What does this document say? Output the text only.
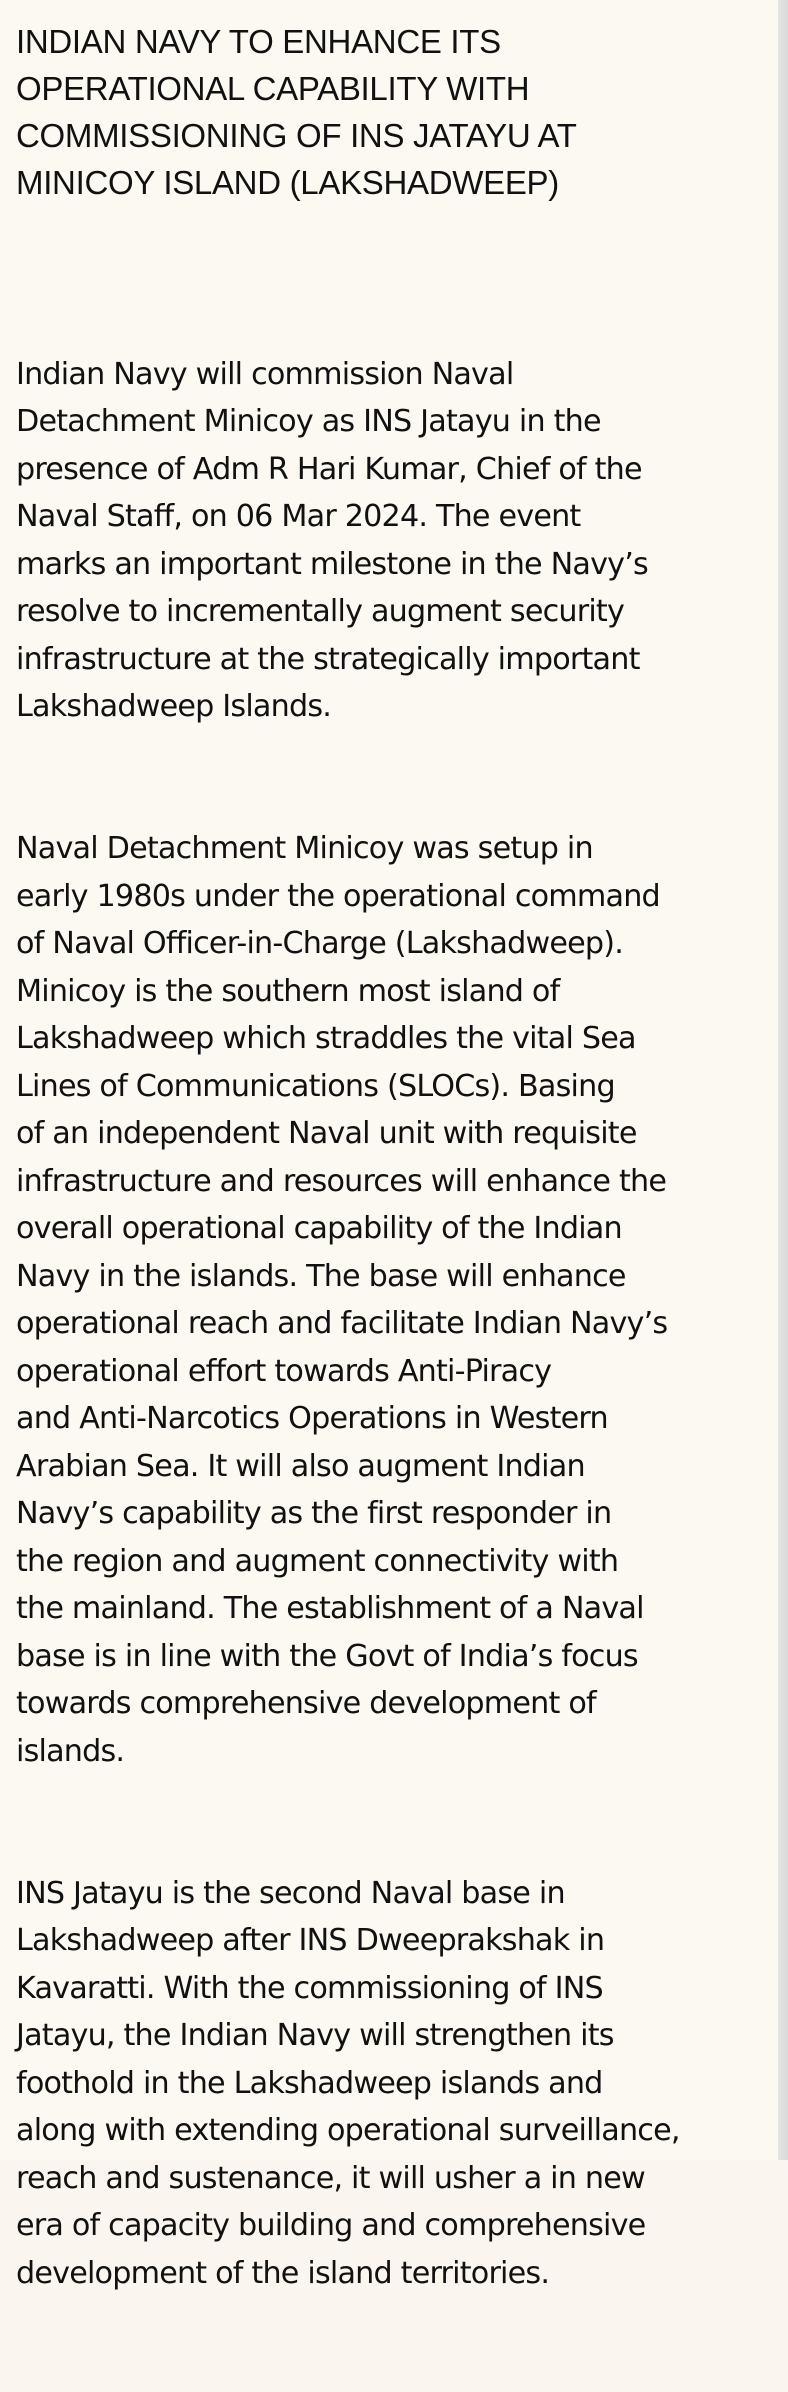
INDIAN NAVY TO ENHANCE ITS
OPERATIONAL CAPABILITY WITH
COMMISSIONING OF INS JATAYU AT
MINICOY ISLAND (LAKSHADWEEP)

Indian Navy will commission Naval
Detachment Minicoy as INS Jatayu in the
presence of Adm R Hari Kumar, Chief of the
Naval Staff, on 06 Mar 2024. The event
marks an important milestone in the Navy’s
resolve to incrementally augment security
infrastructure at the strategically important
Lakshadweep Islands.

Naval Detachment Minicoy was setup in
early 1980s under the operational command
of Naval Officer-in-Charge (Lakshadweep).
Minicoy is the southern most island of
Lakshadweep which straddles the vital Sea
Lines of Communications (SLOCs). Basing
of an independent Naval unit with requisite
infrastructure and resources will enhance the
overall operational capability of the Indian
Navy in the islands. The base will enhance
operational reach and facilitate Indian Navy’s
operational effort towards Anti-Piracy
and Anti-Narcotics Operations in Western
Arabian Sea. It will also augment Indian
Navy’s capability as the first responder in
the region and augment connectivity with
the mainland. The establishment of a Naval
base is in line with the Govt of India’s focus
towards comprehensive development of
islands.

INS Jatayu is the second Naval base in
Lakshadweep after INS Dweeprakshak in
Kavaratti. With the commissioning of INS
Jatayu, the Indian Navy will strengthen its
foothold in the Lakshadweep islands and
along with extending operational surveillance,
reach and sustenance, it will usher a in new
era of capacity building and comprehensive
development of the island territories.
